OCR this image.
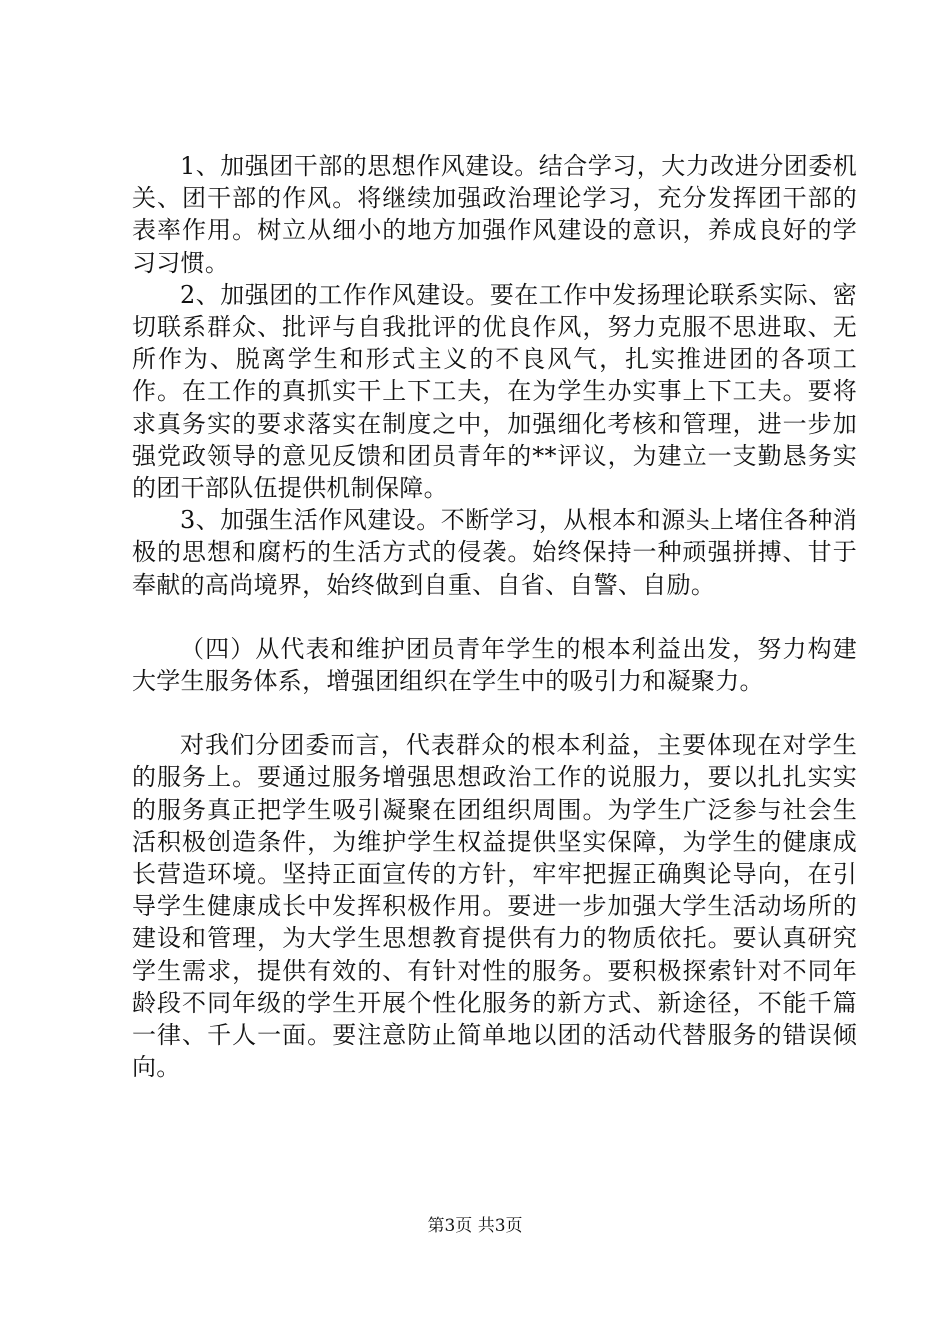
1、加强团干部的思想作风建设。结合学习，大力改进分团委机关、团干部的作风。将继续加强政治理论学习，充分发挥团干部的表率作用。树立从细小的地方加强作风建设的意识，养成良好的学习习惯。

2、加强团的工作作风建设。要在工作中发扬理论联系实际、密切联系群众、批评与自我批评的优良作风，努力克服不思进取、无所作为、脱离学生和形式主义的不良风气，扎实推进团的各项工作。在工作的真抓实干上下工夫，在为学生办实事上下工夫。要将求真务实的要求落实在制度之中，加强细化考核和管理，进一步加强党政领导的意见反馈和团员青年的**评议，为建立一支勤恳务实的团干部队伍提供机制保障。

3、加强生活作风建设。不断学习，从根本和源头上堵住各种消极的思想和腐朽的生活方式的侵袭。始终保持一种顽强拼搏、甘于奉献的高尚境界，始终做到自重、自省、自警、自励。

（四）从代表和维护团员青年学生的根本利益出发，努力构建大学生服务体系，增强团组织在学生中的吸引力和凝聚力。

对我们分团委而言，代表群众的根本利益，主要体现在对学生的服务上。要通过服务增强思想政治工作的说服力，要以扎扎实实的服务真正把学生吸引凝聚在团组织周围。为学生广泛参与社会生活积极创造条件，为维护学生权益提供坚实保障，为学生的健康成长营造环境。坚持正面宣传的方针，牢牢把握正确舆论导向，在引导学生健康成长中发挥积极作用。要进一步加强大学生活动场所的建设和管理，为大学生思想教育提供有力的物质依托。要认真研究学生需求，提供有效的、有针对性的服务。要积极探索针对不同年龄段不同年级的学生开展个性化服务的新方式、新途径，不能千篇一律、千人一面。要注意防止简单地以团的活动代替服务的错误倾向。

第3页 共3页
